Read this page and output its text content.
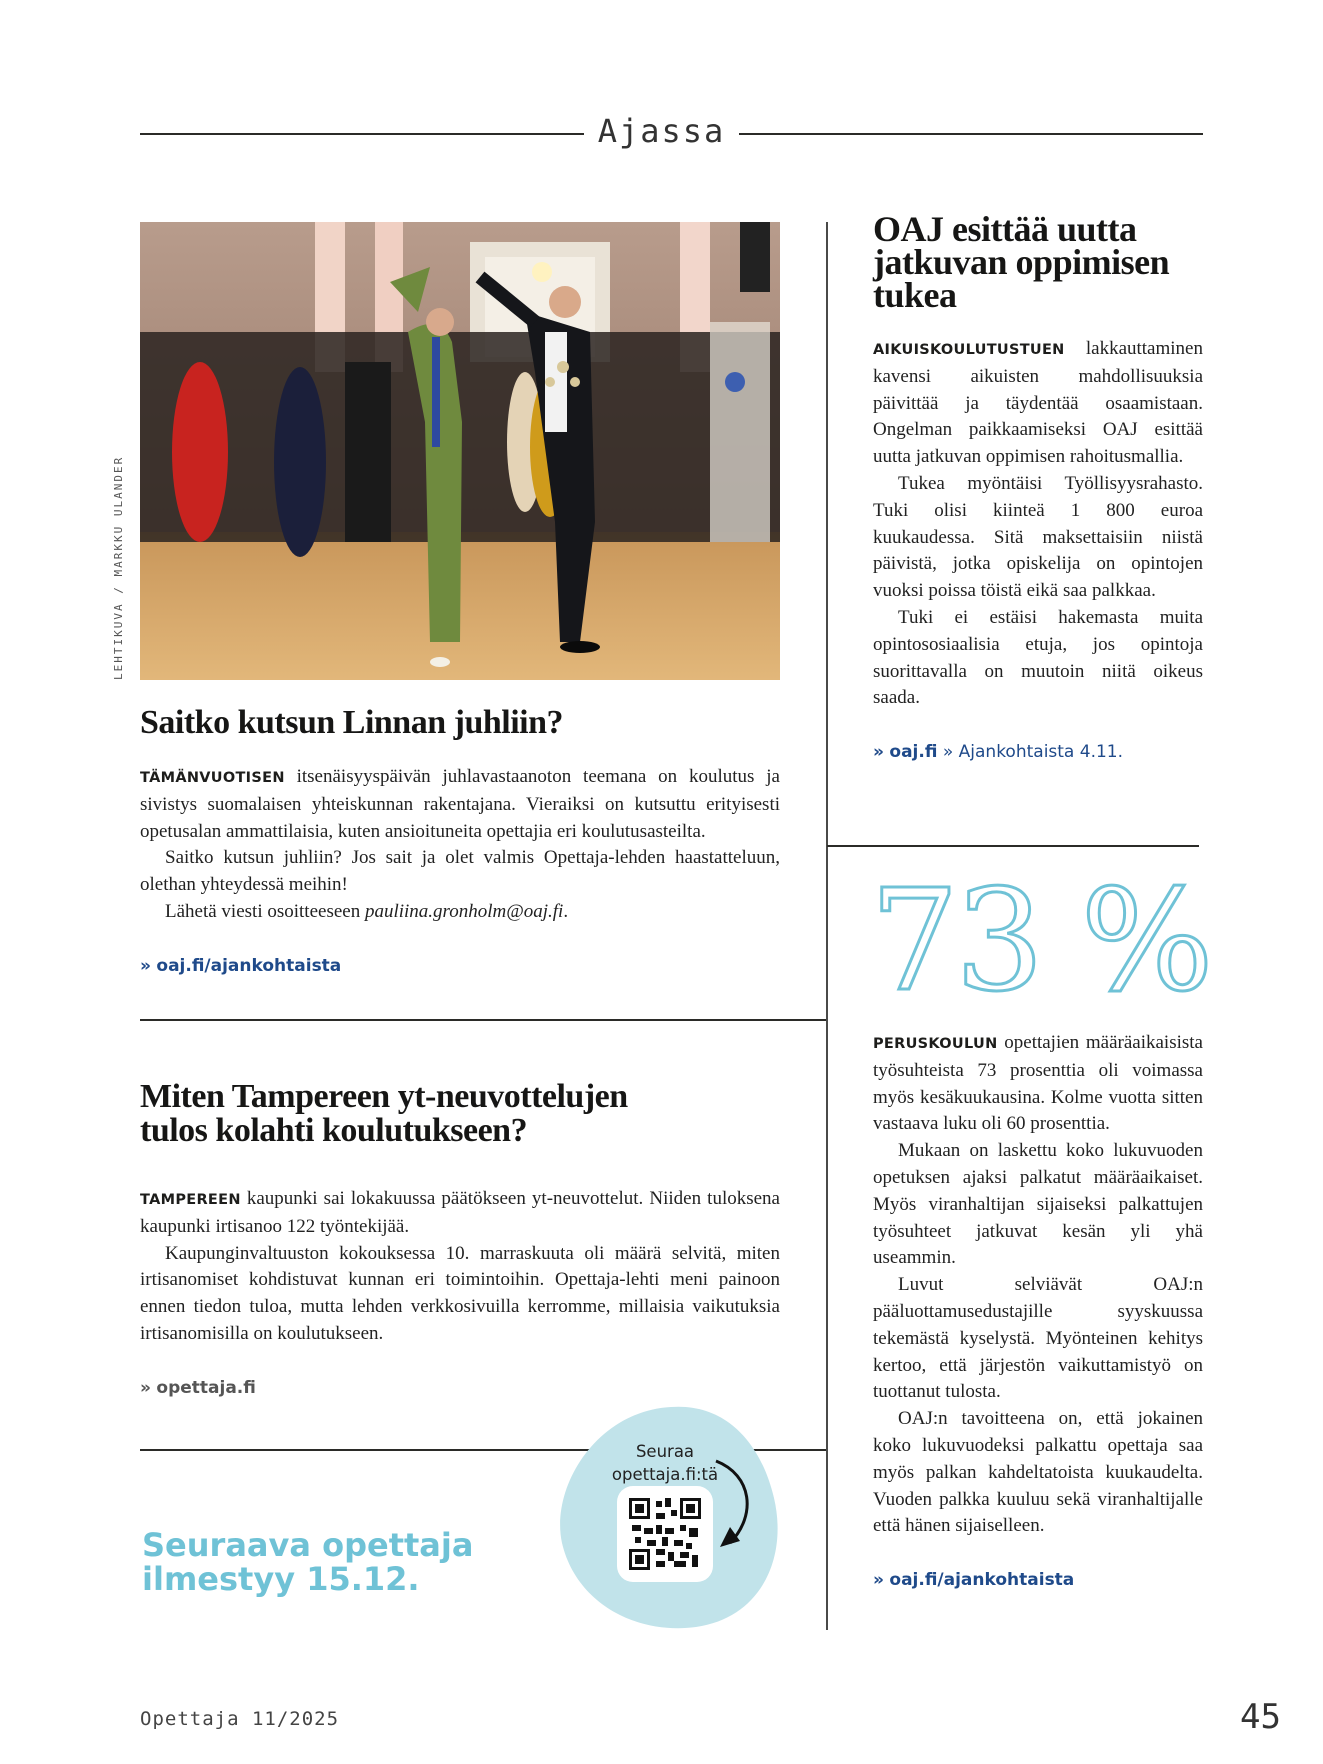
Ajassa
LEHTIKUVA / MARKKU ULANDER
Saitko kutsun Linnan juhliin?

TÄMÄNVUOTISEN itsenäisyyspäivän juhlavastaanoton teemana on koulutus ja sivistys suomalaisen yhteiskunnan rakentajana. Vieraiksi on kutsuttu erityisesti opetusalan ammattilaisia, kuten ansioituneita opettajia eri koulutusasteilta.

Saitko kutsun juhliin? Jos sait ja olet valmis Opettaja-lehden haastatteluun, olethan yhteydessä meihin!

Lähetä viesti osoitteeseen pauliina.gronholm@oaj.fi.

» oaj.fi/ajankohtaista
Miten Tampereen yt-neuvottelujen
tulos kolahti koulutukseen?

TAMPEREEN kaupunki sai lokakuussa päätökseen yt-neuvottelut. Niiden tuloksena kaupunki irtisanoo 122 työntekijää.

Kaupunginvaltuuston kokouksessa 10. marraskuuta oli määrä selvitä, miten irtisanomiset kohdistuvat kunnan eri toimintoihin. Opettaja-lehti meni painoon ennen tiedon tuloa, mutta lehden verkkosivuilla kerromme, millaisia vaikutuksia irtisanomisilla on koulutukseen.

» opettaja.fi
Seuraava opettaja
ilmestyy 15.12.
Seuraa
opettaja.fi:tä
OAJ esittää uutta
jatkuvan oppimisen
tukea

AIKUISKOULUTUSTUEN lakkauttaminen kavensi aikuisten mahdollisuuksia päivittää ja täydentää osaamistaan. Ongelman paikkaamiseksi OAJ esittää uutta jatkuvan oppimisen rahoitusmallia.

Tukea myöntäisi Työllisyysrahasto. Tuki olisi kiinteä 1 800 euroa kuukaudessa. Sitä maksettaisiin niistä päivistä, jotka opiskelija on opintojen vuoksi poissa töistä eikä saa palkkaa.

Tuki ei estäisi hakemasta muita opintososiaalisia etuja, jos opintoja suorittavalla on muutoin niitä oikeus saada.

» oaj.fi » Ajankohtaista 4.11.
73 %

PERUSKOULUN opettajien määräaikaisista työsuhteista 73 prosenttia oli voimassa myös kesäkuukausina. Kolme vuotta sitten vastaava luku oli 60 prosenttia.

Mukaan on laskettu koko lukuvuoden opetuksen ajaksi palkatut määräaikaiset. Myös viranhaltijan sijaiseksi palkattujen työsuhteet jatkuvat kesän yli yhä useammin.

Luvut selviävät OAJ:n pääluottamusedustajille syyskuussa tekemästä kyselystä. Myönteinen kehitys kertoo, että järjestön vaikuttamistyö on tuottanut tulosta.

OAJ:n tavoitteena on, että jokainen koko lukuvuodeksi palkattu opettaja saa myös palkan kahdeltatoista kuukaudelta. Vuoden palkka kuuluu sekä viranhaltijalle että hänen sijaiselleen.

» oaj.fi/ajankohtaista
Opettaja 11/2025	45
